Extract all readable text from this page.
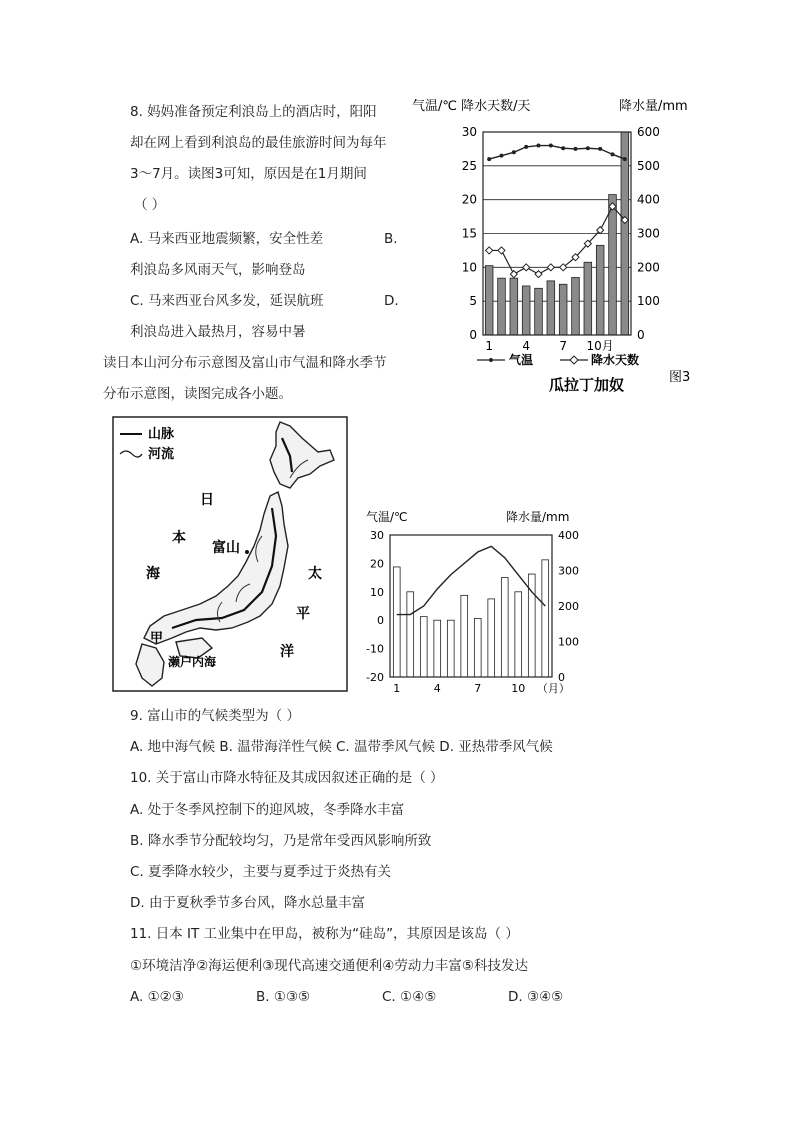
8. 妈妈准备预定利浪岛上的酒店时，阳阳
却在网上看到利浪岛的最佳旅游时间为每年
3～7月。读图3可知，原因是在1月期间
（ ）
A. 马来西亚地震频繁，安全性差	B.
利浪岛多风雨天气，影响登岛
C. 马来西亚台风多发，延误航班	D.
利浪岛进入最热月，容易中暑
读日本山河分布示意图及富山市气温和降水季节
分布示意图，读图完成各小题。
气温/℃ 降水天数/天	降水量/mm
0
5
10
15
20
25
30
0
100
200
300
400
500
600
1 4 7 10月
气温	降水天数
瓜拉丁加奴	图3
山脉
河流
日
本
富山
海	太
平
洋
甲
濑户内海
气温/℃	降水量/mm
-20
-10
0
10
20
30
0
100
200
300
400
1	4	7	10 （月）
9. 富山市的气候类型为（ ）
A. 地中海气候 B. 温带海洋性气候 C. 温带季风气候 D. 亚热带季风气候
10. 关于富山市降水特征及其成因叙述正确的是（ ）
A. 处于冬季风控制下的迎风坡，冬季降水丰富
B. 降水季节分配较均匀，乃是常年受西风影响所致
C. 夏季降水较少，主要与夏季过于炎热有关
D. 由于夏秋季节多台风，降水总量丰富
11. 日本 IT 工业集中在甲岛，被称为“硅岛”，其原因是该岛（ ）
①环境洁净②海运便利③现代高速交通便利④劳动力丰富⑤科技发达
A. ①②③	B. ①③⑤	C. ①④⑤	D. ③④⑤
